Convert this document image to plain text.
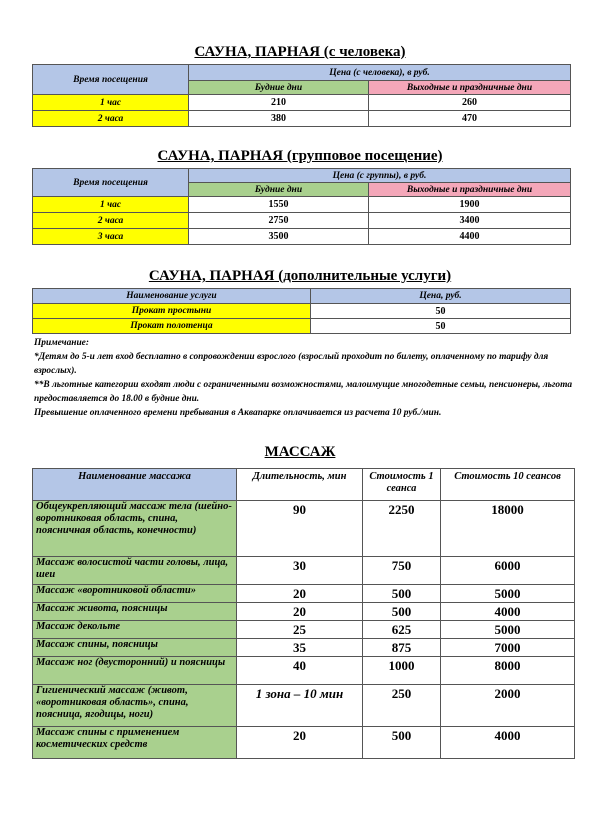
САУНА, ПАРНАЯ (с человека)
Время посещения	Цена (с человека), в руб.	
	Будние дни	Выходные и праздничные дни
1 час	210	260
2 часа	380	470
САУНА, ПАРНАЯ (групповое посещение)
Время посещения	Цена (с группы), в руб.	
	Будние дни	Выходные и праздничные дни
1 час	1550	1900
2 часа	2750	3400
3 часа	3500	4400
САУНА, ПАРНАЯ (дополнительные услуги)
Наименование услуги	Цена, руб.
Прокат простыни	50
Прокат полотенца	50

Примечание:

*Детям до 5-и лет вход бесплатно в сопровождении взрослого (взрослый проходит по билету, оплаченному по тарифу для взрослых).

**В льготные категории входят люди с ограниченными возможностями, малоимущие многодетные семьи, пенсионеры, льгота предоставляется до 18.00 в будние дни.

Превышение оплаченного времени пребывания в Аквапарке оплачивается из расчета 10 руб./мин.

МАССАЖ
Наименование массажа	Длительность, мин	Стоимость 1 сеанса	Стоимость 10 сеансов
Общеукрепляющий массаж тела (шейно-воротниковая область, спина, поясничная область, конечности)	90	2250	18000
Массаж волосистой части головы, лица, шеи	30	750	6000
Массаж «воротниковой области»	20	500	5000
Массаж живота, поясницы	20	500	4000
Массаж декольте	25	625	5000
Массаж спины, поясницы	35	875	7000
Массаж ног (двусторонний) и поясницы	40	1000	8000
Гигиенический массаж (живот, «воротниковая область», спина, поясница, ягодицы, ноги)	1 зона – 10 мин	250	2000
Массаж спины с применением косметических средств	20	500	4000
